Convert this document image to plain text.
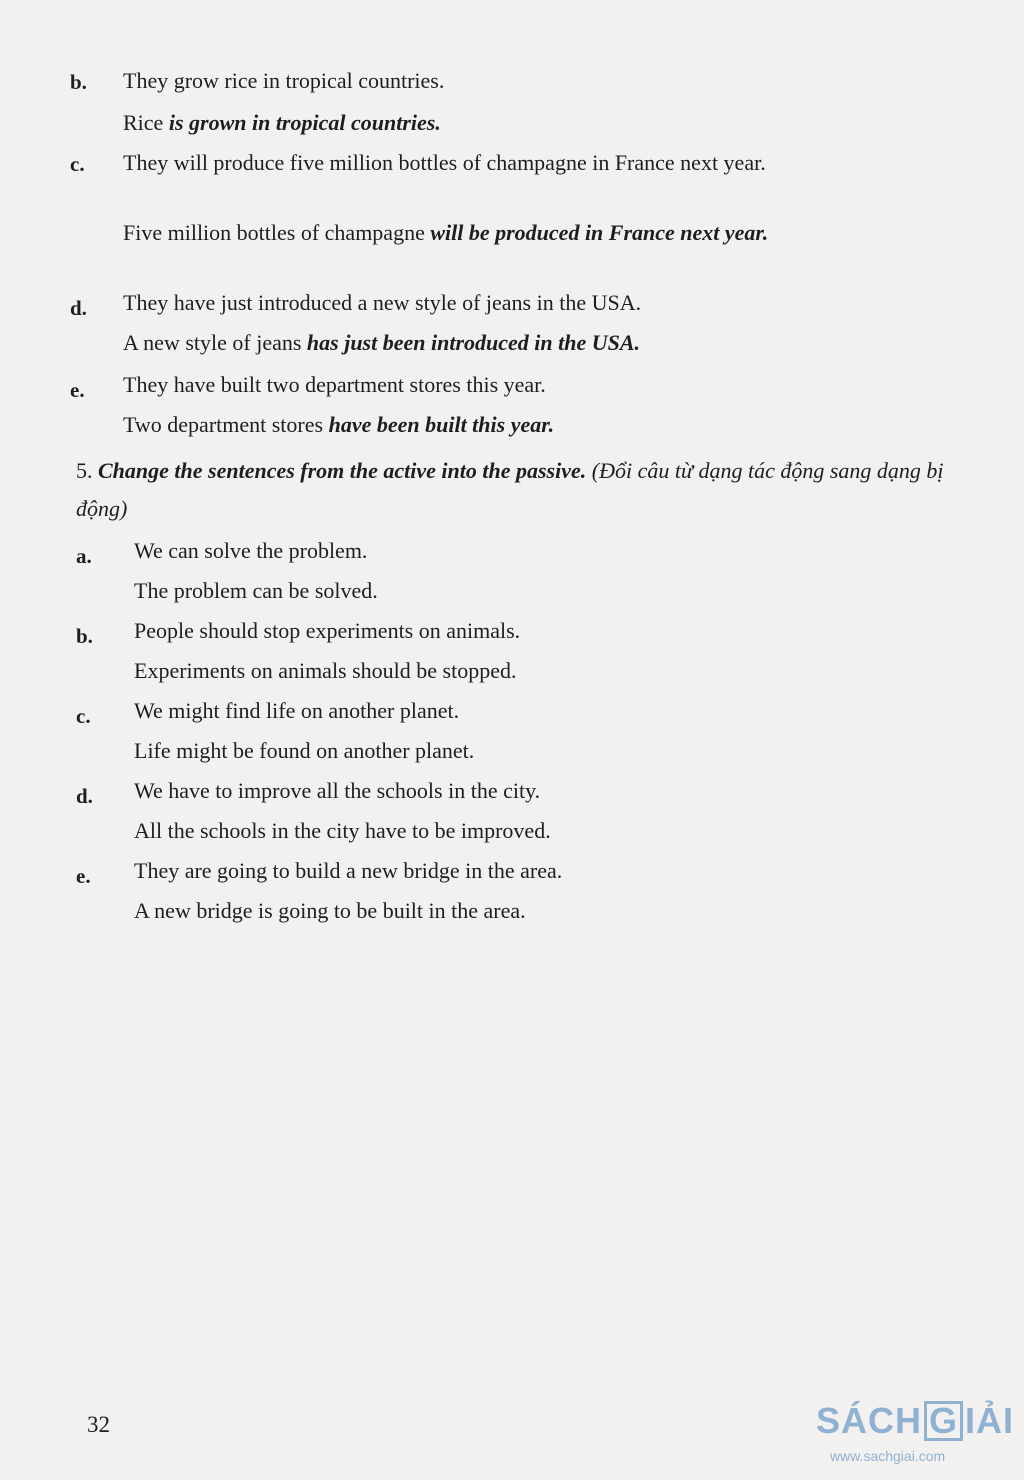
b.	They grow rice in tropical countries.
Rice is grown in tropical countries.
c.	They will produce five million bottles of champagne in France next year.
Five million bottles of champagne will be produced in France next year.
d.	They have just introduced a new style of jeans in the USA.
A new style of jeans has just been introduced in the USA.
e.	They have built two department stores this year.
Two department stores have been built this year.
5. Change the sentences from the active into the passive. (Đổi câu từ dạng tác động sang dạng bị động)
a.	We can solve the problem.
The problem can be solved.
b.	People should stop experiments on animals.
Experiments on animals should be stopped.
c.	We might find life on another planet.
Life might be found on another planet.
d.	We have to improve all the schools in the city.
All the schools in the city have to be improved.
e.	They are going to build a new bridge in the area.
A new bridge is going to be built in the area.
32	SÁCH G IẢI
www.sachgiai.com
